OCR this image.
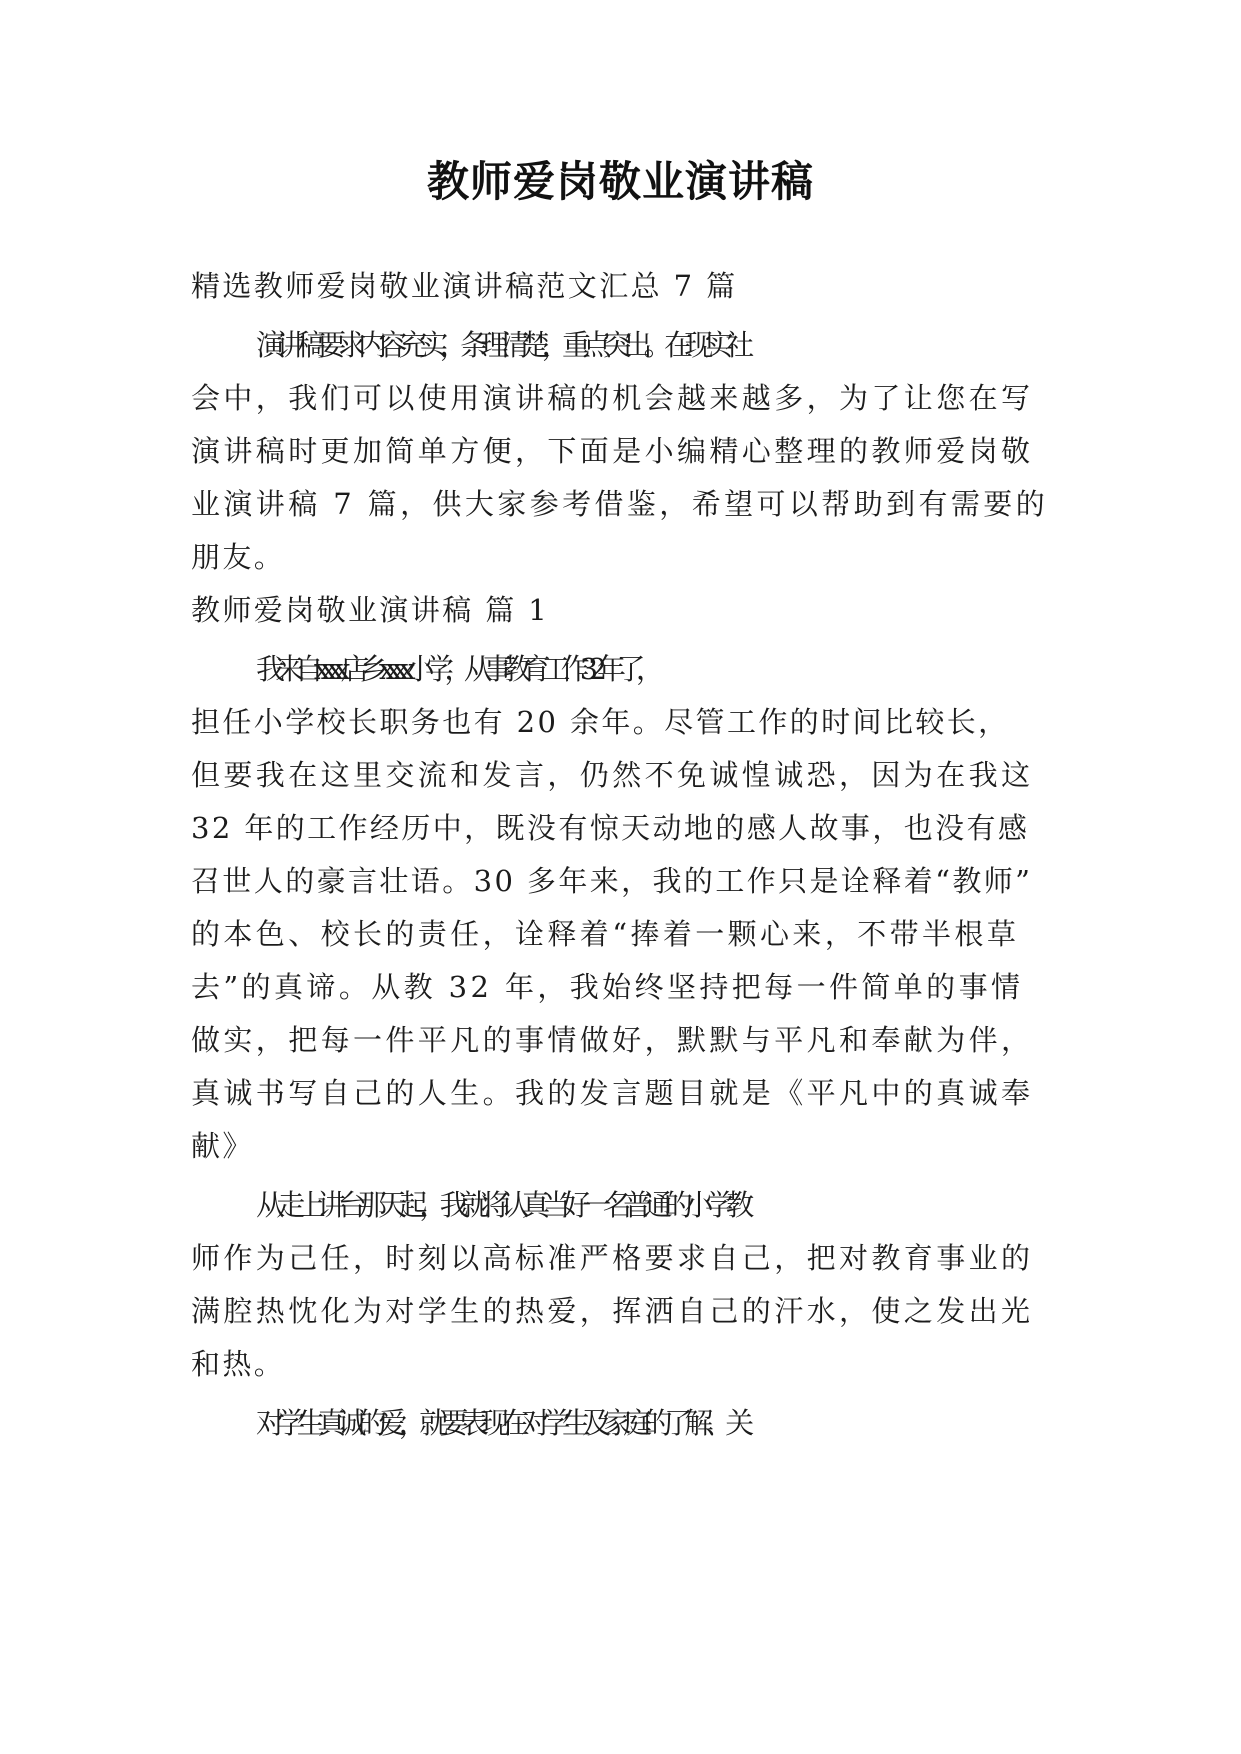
教师爱岗敬业演讲稿

精选教师爱岗敬业演讲稿范文汇总 7 篇

演讲稿要求内容充实，条理清楚，重点突出。在现实社

会中，我们可以使用演讲稿的机会越来越多，为了让您在写

演讲稿时更加简单方便，下面是小编精心整理的教师爱岗敬

业演讲稿 7 篇，供大家参考借鉴，希望可以帮助到有需要的

朋友。

教师爱岗敬业演讲稿 篇 1

我来自 xxxx 店乡 xxxx 小学，从事教育工作 32 年了，

担任小学校长职务也有 20 余年。尽管工作的时间比较长，

但要我在这里交流和发言，仍然不免诚惶诚恐，因为在我这

32 年的工作经历中，既没有惊天动地的感人故事，也没有感

召世人的豪言壮语。30 多年来，我的工作只是诠释着“教师”

的本色、校长的责任，诠释着“捧着一颗心来，不带半根草

去”的真谛。从教 32 年，我始终坚持把每一件简单的事情

做实，把每一件平凡的事情做好，默默与平凡和奉献为伴，

真诚书写自己的人生。我的发言题目就是《平凡中的真诚奉

献》

从走上讲台那天起，我就将认真当好一名普通的小学教

师作为己任，时刻以高标准严格要求自己，把对教育事业的

满腔热忱化为对学生的热爱，挥洒自己的汗水，使之发出光

和热。

对学生真诚的爱，就要表现在对学生及家庭的了解、关
